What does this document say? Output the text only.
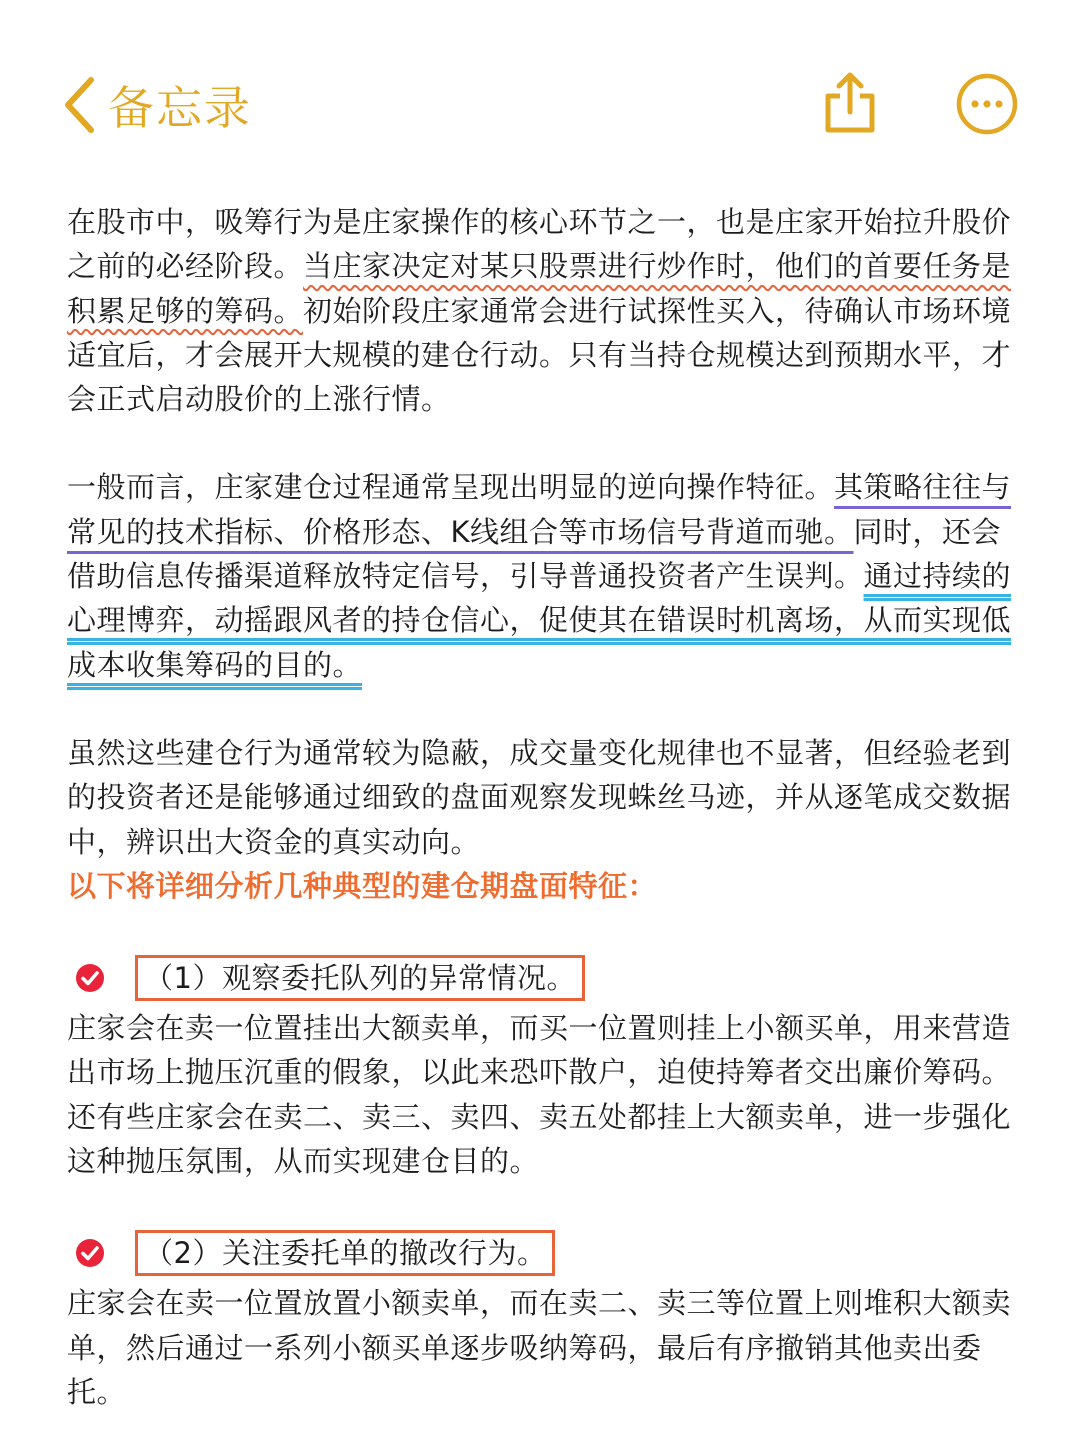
备忘录

在股市中，吸筹行为是庄家操作的核心环节之一，也是庄家开始拉升股价之前的必经阶段。当庄家决定对某只股票进行炒作时，他们的首要任务是积累足够的筹码。初始阶段庄家通常会进行试探性买入，待确认市场环境适宜后，才会展开大规模的建仓行动。只有当持仓规模达到预期水平，才会正式启动股价的上涨行情。

一般而言，庄家建仓过程通常呈现出明显的逆向操作特征。其策略往往与常见的技术指标、价格形态、K线组合等市场信号背道而驰。同时，还会借助信息传播渠道释放特定信号，引导普通投资者产生误判。通过持续的心理博弈，动摇跟风者的持仓信心，促使其在错误时机离场，从而实现低成本收集筹码的目的。

虽然这些建仓行为通常较为隐蔽，成交量变化规律也不显著，但经验老到的投资者还是能够通过细致的盘面观察发现蛛丝马迹，并从逐笔成交数据中，辨识出大资金的真实动向。

以下将详细分析几种典型的建仓期盘面特征：

（1）观察委托队列的异常情况。

庄家会在卖一位置挂出大额卖单，而买一位置则挂上小额买单，用来营造出市场上抛压沉重的假象，以此来恐吓散户，迫使持筹者交出廉价筹码。还有些庄家会在卖二、卖三、卖四、卖五处都挂上大额卖单，进一步强化这种抛压氛围，从而实现建仓目的。

（2）关注委托单的撤改行为。

庄家会在卖一位置放置小额卖单，而在卖二、卖三等位置上则堆积大额卖单，然后通过一系列小额买单逐步吸纳筹码，最后有序撤销其他卖出委托。
